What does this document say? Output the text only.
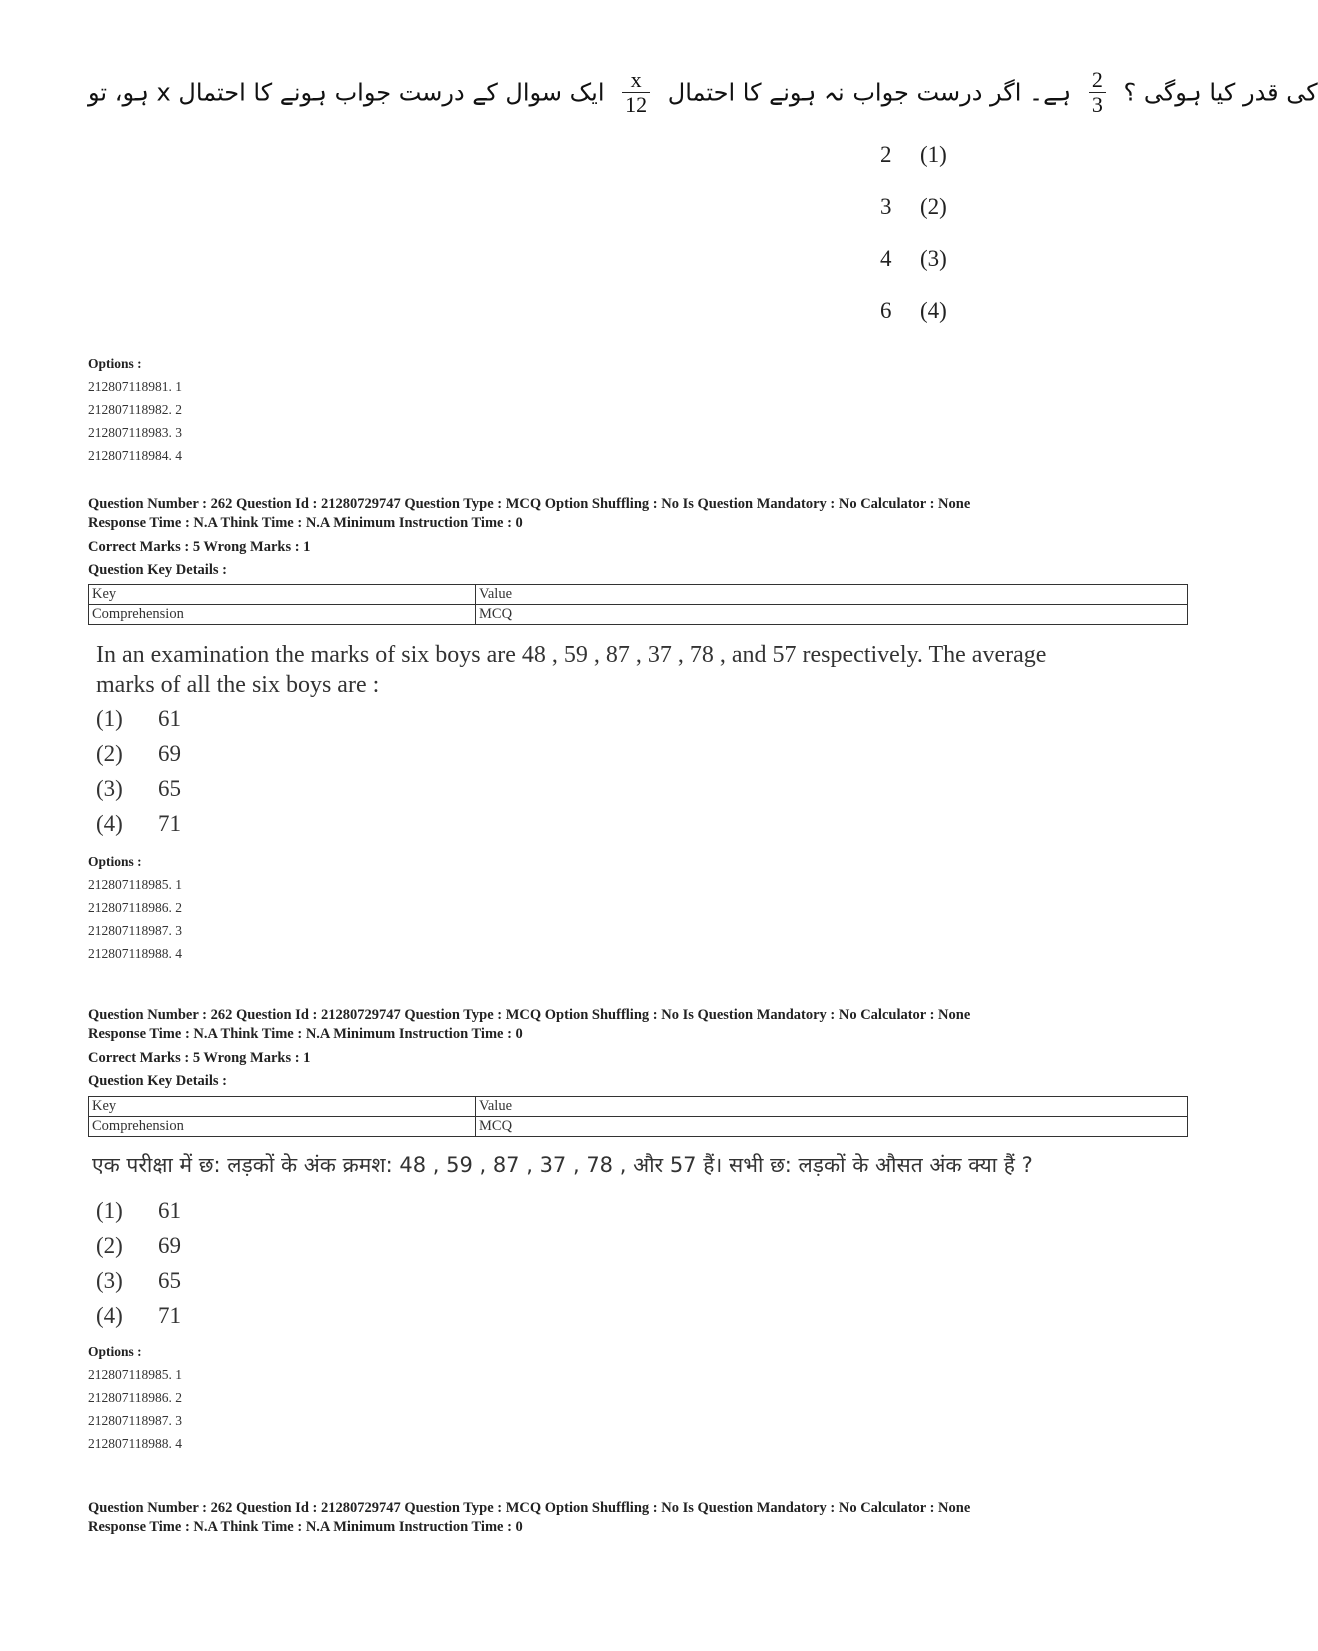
ہو، تو x کی قدر کیا ہوگی ؟
$\frac{2}{3}$
ہے۔ اگر درست جواب نہ ہونے کا احتمال
$\frac{x}{12}$
ایک سوال کے درست جواب ہونے کا احتمال
2 (1)
3 (2)
4 (3)
6 (4)
Options :
212807118981. 1
212807118982. 2
212807118983. 3
212807118984. 4
Question Number : 262 Question Id : 21280729747 Question Type : MCQ Option Shuffling : No Is Question Mandatory : No Calculator : None
Response Time : N.A Think Time : N.A Minimum Instruction Time : 0
Correct Marks : 5 Wrong Marks : 1
Question Key Details :
Key	Value
Comprehension	MCQ
In an examination the marks of six boys are 48 , 59 , 87 , 37 , 78 , and 57 respectively. The average
marks of all the six boys are :
(1) 61
(2) 69
(3) 65
(4) 71
Options :
212807118985. 1
212807118986. 2
212807118987. 3
212807118988. 4
Question Number : 262 Question Id : 21280729747 Question Type : MCQ Option Shuffling : No Is Question Mandatory : No Calculator : None
Response Time : N.A Think Time : N.A Minimum Instruction Time : 0
Correct Marks : 5 Wrong Marks : 1
Question Key Details :
Key	Value
Comprehension	MCQ
एक परीक्षा में छ: लड़कों के अंक क्रमश: 48 , 59 , 87 , 37 , 78 , और 57 हैं। सभी छ: लड़कों के औसत अंक क्या हैं ?
(1) 61
(2) 69
(3) 65
(4) 71
Options :
212807118985. 1
212807118986. 2
212807118987. 3
212807118988. 4
Question Number : 262 Question Id : 21280729747 Question Type : MCQ Option Shuffling : No Is Question Mandatory : No Calculator : None
Response Time : N.A Think Time : N.A Minimum Instruction Time : 0
